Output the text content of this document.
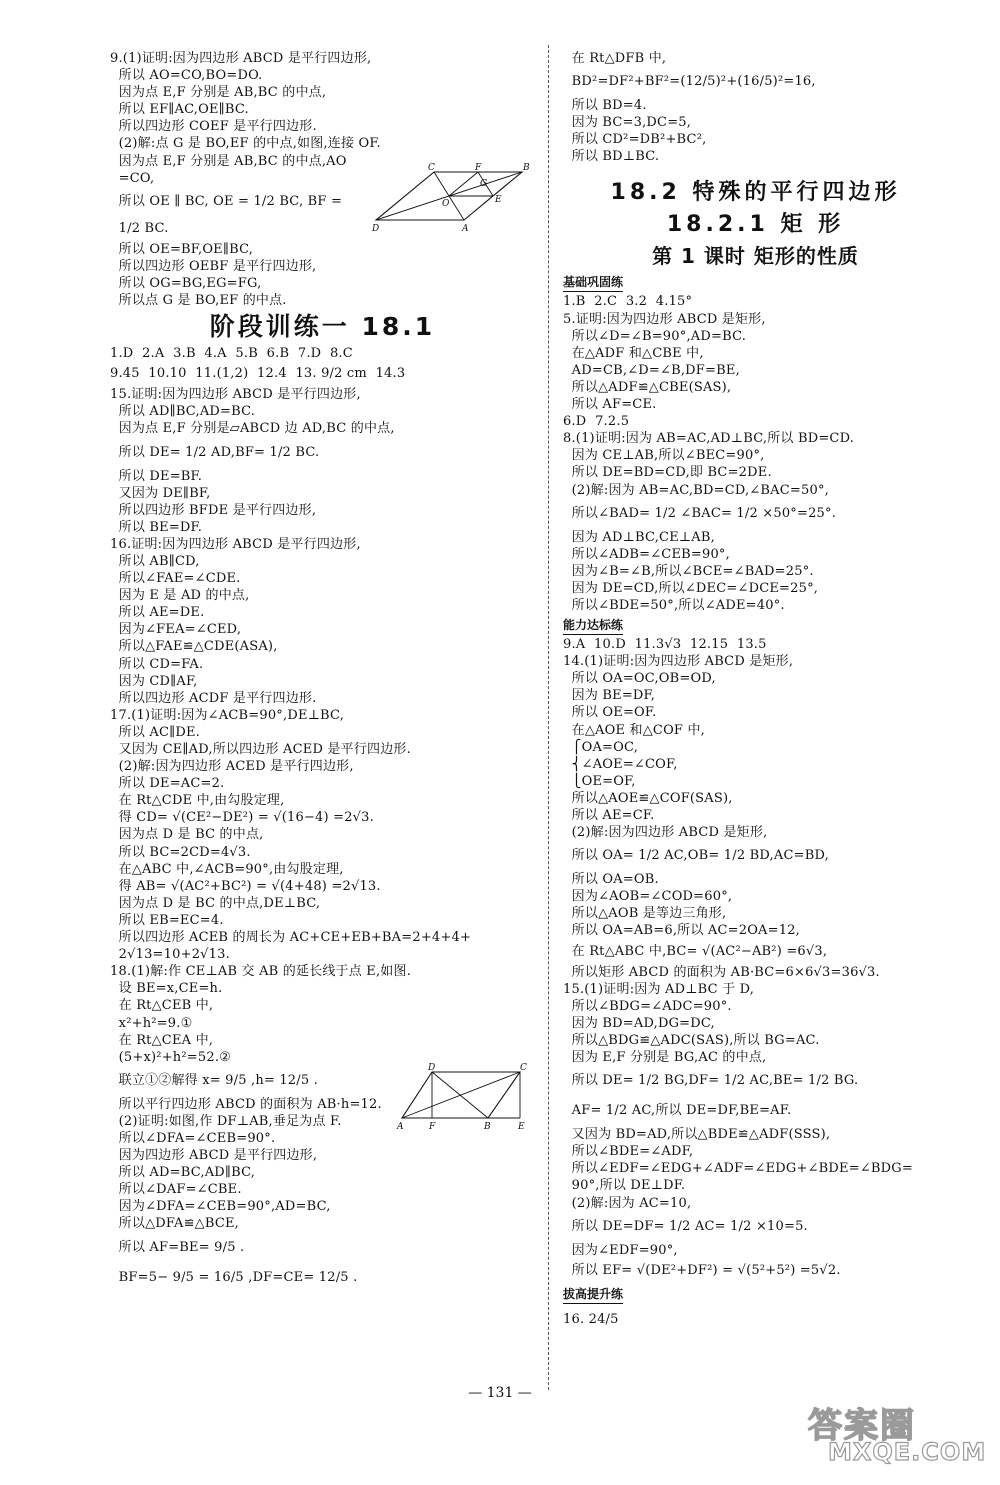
9.(1)证明:因为四边形 ABCD 是平行四边形,
所以 AO=CO,BO=DO.
因为点 E,F 分别是 AB,BC 的中点,
所以 EF∥AC,OE∥BC.
所以四边形 COEF 是平行四边形.
(2)解:点 G 是 BO,EF 的中点,如图,连接 OF.
因为点 E,F 分别是 AB,BC 的中点,AO
=CO,
所以 OE ∥ BC, OE = 1/2 BC, BF =
1/2 BC.
所以 OE=BF,OE∥BC,
所以四边形 OEBF 是平行四边形,
所以 OG=BG,EG=FG,
所以点 G 是 BO,EF 的中点.
阶段训练一 18.1
1.D  2.A  3.B  4.A  5.B  6.B  7.D  8.C
9.45  10.10  11.(1,2)  12.4  13. 9/2 cm  14.3
15.证明:因为四边形 ABCD 是平行四边形,
所以 AD∥BC,AD=BC.
因为点 E,F 分别是▱ABCD 边 AD,BC 的中点,
所以 DE= 1/2 AD,BF= 1/2 BC.
所以 DE=BF.
又因为 DE∥BF,
所以四边形 BFDE 是平行四边形,
所以 BE=DF.
16.证明:因为四边形 ABCD 是平行四边形,
所以 AB∥CD,
所以∠FAE=∠CDE.
因为 E 是 AD 的中点,
所以 AE=DE.
因为∠FEA=∠CED,
所以△FAE≌△CDE(ASA),
所以 CD=FA.
因为 CD∥AF,
所以四边形 ACDF 是平行四边形.
17.(1)证明:因为∠ACB=90°,DE⊥BC,
所以 AC∥DE.
又因为 CE∥AD,所以四边形 ACED 是平行四边形.
(2)解:因为四边形 ACED 是平行四边形,
所以 DE=AC=2.
在 Rt△CDE 中,由勾股定理,
得 CD= √(CE²−DE²) = √(16−4) =2√3.
因为点 D 是 BC 的中点,
所以 BC=2CD=4√3.
在△ABC 中,∠ACB=90°,由勾股定理,
得 AB= √(AC²+BC²) = √(4+48) =2√13.
因为点 D 是 BC 的中点,DE⊥BC,
所以 EB=EC=4.
所以四边形 ACEB 的周长为 AC+CE+EB+BA=2+4+4+
2√13=10+2√13.
18.(1)解:作 CE⊥AB 交 AB 的延长线于点 E,如图.
设 BE=x,CE=h.
在 Rt△CEB 中,
x²+h²=9.①
在 Rt△CEA 中,
(5+x)²+h²=52.②
联立①②解得 x= 9/5 ,h= 12/5 .
所以平行四边形 ABCD 的面积为 AB·h=12.
(2)证明:如图,作 DF⊥AB,垂足为点 F.
所以∠DFA=∠CEB=90°.
因为四边形 ABCD 是平行四边形,
所以 AD=BC,AD∥BC,
所以∠DAF=∠CBE.
因为∠DFA=∠CEB=90°,AD=BC,
所以△DFA≌△BCE,
所以 AF=BE= 9/5 .
BF=5− 9/5 = 16/5 ,DF=CE= 12/5 .
C	F	B
G
E
O
D	A
D	C
A	F	B	E
在 Rt△DFB 中,
BD²=DF²+BF²=(12/5)²+(16/5)²=16,
所以 BD=4.
因为 BC=3,DC=5,
所以 CD²=DB²+BC²,
所以 BD⊥BC.
18.2 特殊的平行四边形
18.2.1 矩 形
第 1 课时 矩形的性质
基础巩固练
1.B  2.C  3.2  4.15°
5.证明:因为四边形 ABCD 是矩形,
所以∠D=∠B=90°,AD=BC.
在△ADF 和△CBE 中,
AD=CB,∠D=∠B,DF=BE,
所以△ADF≌△CBE(SAS),
所以 AF=CE.
6.D  7.2.5
8.(1)证明:因为 AB=AC,AD⊥BC,所以 BD=CD.
因为 CE⊥AB,所以∠BEC=90°,
所以 DE=BD=CD,即 BC=2DE.
(2)解:因为 AB=AC,BD=CD,∠BAC=50°,
所以∠BAD= 1/2 ∠BAC= 1/2 ×50°=25°.
因为 AD⊥BC,CE⊥AB,
所以∠ADB=∠CEB=90°,
因为∠B=∠B,所以∠BCE=∠BAD=25°.
因为 DE=CD,所以∠DEC=∠DCE=25°,
所以∠BDE=50°,所以∠ADE=40°.
能力达标练
9.A  10.D  11.3√3  12.15  13.5
14.(1)证明:因为四边形 ABCD 是矩形,
所以 OA=OC,OB=OD,
因为 BE=DF,
所以 OE=OF.
在△AOE 和△COF 中,
⎧OA=OC,
⎨∠AOE=∠COF,
⎩OE=OF,
所以△AOE≌△COF(SAS),
所以 AE=CF.
(2)解:因为四边形 ABCD 是矩形,
所以 OA= 1/2 AC,OB= 1/2 BD,AC=BD,
所以 OA=OB.
因为∠AOB=∠COD=60°,
所以△AOB 是等边三角形,
所以 OA=AB=6,所以 AC=2OA=12,
在 Rt△ABC 中,BC= √(AC²−AB²) =6√3,
所以矩形 ABCD 的面积为 AB·BC=6×6√3=36√3.
15.(1)证明:因为 AD⊥BC 于 D,
所以∠BDG=∠ADC=90°.
因为 BD=AD,DG=DC,
所以△BDG≌△ADC(SAS),所以 BG=AC.
因为 E,F 分别是 BG,AC 的中点,
所以 DE= 1/2 BG,DF= 1/2 AC,BE= 1/2 BG.
AF= 1/2 AC,所以 DE=DF,BE=AF.
又因为 BD=AD,所以△BDE≌△ADF(SSS),
所以∠BDE=∠ADF,
所以∠EDF=∠EDG+∠ADF=∠EDG+∠BDE=∠BDG=
90°,所以 DE⊥DF.
(2)解:因为 AC=10,
所以 DE=DF= 1/2 AC= 1/2 ×10=5.
因为∠EDF=90°,
所以 EF= √(DE²+DF²) = √(5²+5²) =5√2.
拔高提升练
16. 24/5
— 131 —
答案圈
MXQE.COM
